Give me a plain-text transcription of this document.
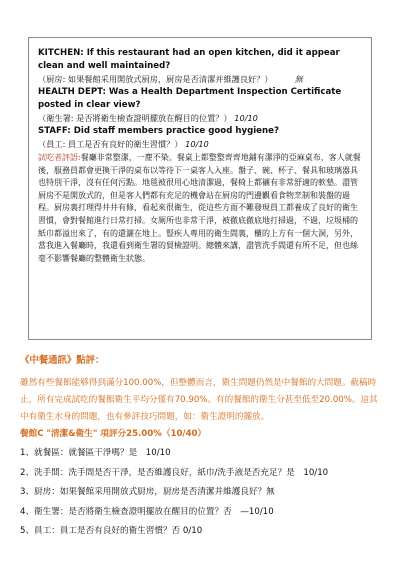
KITCHEN: If this restaurant had an open kitchen, did it appear clean and well maintained?
（厨房: 如果餐館采用開放式厨房，厨房是否清潔并維護良好？）	無
HEALTH DEPT: Was a Health Department Inspection Certificate posted in clear view?
（衛生署: 是否將衛生檢查證明擺放在醒目的位置？） 10/10
STAFF: Did staff members practice good hygiene?
（員工: 員工是否有良好的衛生習慣？） 10/10
試吃者評語:餐廳非常整潔，一塵不染。餐桌上都整整齊齊地鋪有潔淨的亞麻桌布，客人就餐後，服務員都會更換干淨的桌布以等待下一桌客人入座。盤子、碗、杯子、餐具和玻璃器具也特別干淨，沒有任何污點。地毯被很用心地清潔過，餐椅上都襯有非常舒適的軟墊。盡管厨房不是開放式的，但是客人們都有充足的機會站在厨房的門邊觀看食物烹制和裝盤的過程。厨房裏打理得井井有條，看起來很衛生，從這些方面不難發現員工都養成了良好的衛生習慣，會對餐館進行日常打掃。女厕所也非常干淨，被徹底徹底地打掃過，不過，垃圾桶的紙巾都溢出來了，有的還灑在地上。豎疾人專用的衛生間裏，櫃的上方有一個大洞，另外，當我進入餐廳時，我還看到衛生署的貿檢證明。總體來講，盡管洗手間還有所不足，但也絲毫不影響餐廳的整體衛生狀態。
《中餐通訊》點評：
雖然有些餐館能够得到滿分100.00%，但整體而言，衛生問題仍然是中餐館的大問題。截稿時止，所有完成試吃的餐館衛生平均分僅有70.90%。有的餐館的衛生分甚至低至20.00%。這其中有衛生水身的問題，也有參評技巧問題，如：衛生證明的擺放。
餐館C "清潔&衛生" 項評分25.00%（10/40）
1、就餐區：就餐區干淨嗎？是　10/10
2、洗手間：洗手間是否干淨，是否維護良好，紙巾/洗手液是否充足？是　10/10
3、厨房：如果餐館采用開放式厨房，厨房是否清潔并維護良好？無
4、衛生署：是否將衛生檢查證明擺放在醒目的位置？否　—10/10
5、員工：員工是否有良好的衛生習慣？否 0/10
